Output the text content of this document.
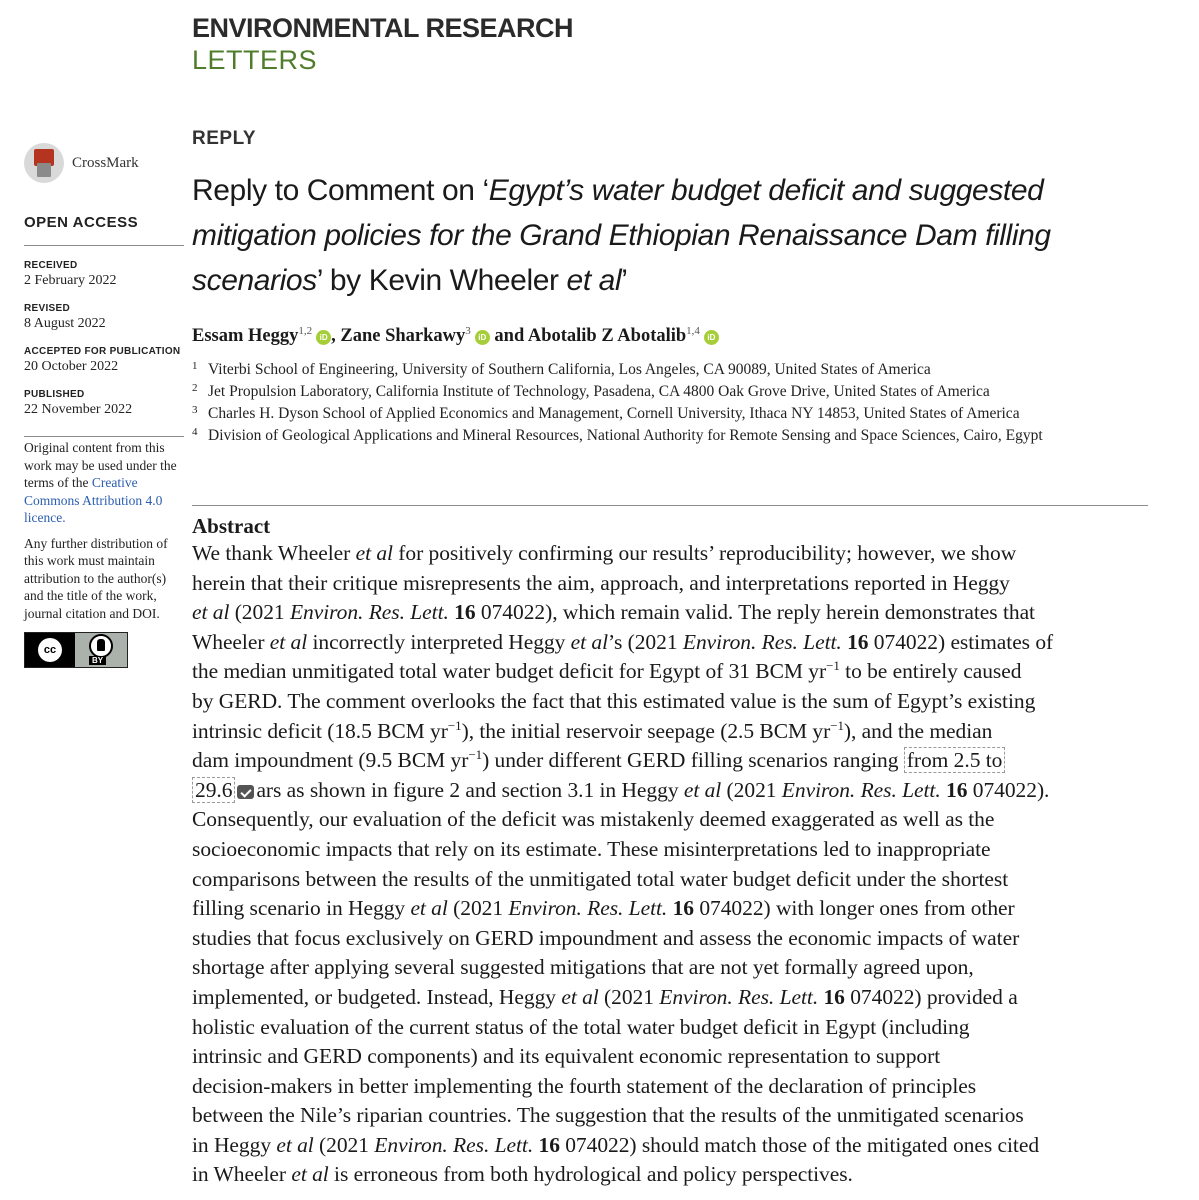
ENVIRONMENTAL RESEARCH
LETTERS
CrossMark
OPEN ACCESS
RECEIVED
2 February 2022
REVISED
8 August 2022
ACCEPTED FOR PUBLICATION
20 October 2022
PUBLISHED
22 November 2022
Original content from this work may be used under the terms of the Creative Commons Attribution 4.0 licence.
Any further distribution of this work must maintain attribution to the author(s) and the title of the work, journal citation and DOI.
cc
BY
REPLY
Reply to Comment on ‘Egypt’s water budget deficit and suggested mitigation policies for the Grand Ethiopian Renaissance Dam filling scenarios’ by Kevin Wheeler et al’
Essam Heggy$^{1,2}$iD , Zane Sharkawy$^3$iD and Abotalib Z Abotalib$^{1,4}$iD
1 Viterbi School of Engineering, University of Southern California, Los Angeles, CA 90089, United States of America
2 Jet Propulsion Laboratory, California Institute of Technology, Pasadena, CA 4800 Oak Grove Drive, United States of America
3 Charles H. Dyson School of Applied Economics and Management, Cornell University, Ithaca NY 14853, United States of America
4 Division of Geological Applications and Mineral Resources, National Authority for Remote Sensing and Space Sciences, Cairo, Egypt
Abstract

We thank Wheeler et al for positively confirming our results’ reproducibility; however, we show
herein that their critique misrepresents the aim, approach, and interpretations reported in Heggy
et al (2021 Environ. Res. Lett. 16 074022), which remain valid. The reply herein demonstrates that
Wheeler et al incorrectly interpreted Heggy et al’s (2021 Environ. Res. Lett. 16 074022) estimates of
the median unmitigated total water budget deficit for Egypt of 31 BCM $yr^{-1}$ to be entirely caused
by GERD. The comment overlooks the fact that this estimated value is the sum of Egypt’s existing
intrinsic deficit (18.5 BCM $yr^{-1}$), the initial reservoir seepage (2.5 BCM $yr^{-1}$), and the median
dam impoundment (9.5 BCM $yr^{-1}$) under different GERD filling scenarios ranging from 2.5 to
29.6 ars as shown in figure 2 and section 3.1 in Heggy et al (2021 Environ. Res. Lett. 16 074022).
Consequently, our evaluation of the deficit was mistakenly deemed exaggerated as well as the
socioeconomic impacts that rely on its estimate. These misinterpretations led to inappropriate
comparisons between the results of the unmitigated total water budget deficit under the shortest
filling scenario in Heggy et al (2021 Environ. Res. Lett. 16 074022) with longer ones from other
studies that focus exclusively on GERD impoundment and assess the economic impacts of water
shortage after applying several suggested mitigations that are not yet formally agreed upon,
implemented, or budgeted. Instead, Heggy et al (2021 Environ. Res. Lett. 16 074022) provided a
holistic evaluation of the current status of the total water budget deficit in Egypt (including
intrinsic and GERD components) and its equivalent economic representation to support
decision-makers in better implementing the fourth statement of the declaration of principles
between the Nile’s riparian countries. The suggestion that the results of the unmitigated scenarios
in Heggy et al (2021 Environ. Res. Lett. 16 074022) should match those of the mitigated ones cited
in Wheeler et al is erroneous from both hydrological and policy perspectives.
